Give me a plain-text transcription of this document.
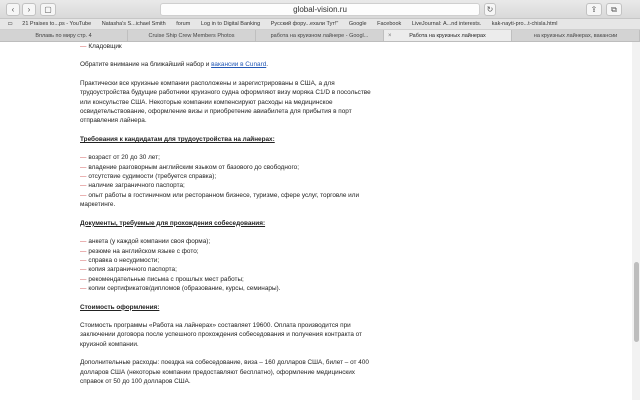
‹	›	▢	global-vision.ru	↻	⇪	⧉
▭ 21 Praises to...ps - YouTube Natasha's S...ichael Smith forum Log in to Digital Banking Русский фору...ехали Тут!" Google Facebook LiveJournal: А...nd interests. kak-nayti-pro...t-chisla.html
Вплавь по миру стр. 4	Cruise Ship Crew Members Photos	работа на круизном лайнере - Googl...	×	Работа на круизных лайнерах	на круизных лайнерах, вакансии
— Кладовщик
Обратите внимание на ближайший набор и вакансии в Cunard.
Практически все круизные компании расположены и зарегистрированы в США, а для трудоустройства будущие работники круизного судна оформляют визу моряка C1/D в посольстве или консульстве США. Некоторые компании компенсируют расходы на медицинское освидетельствование, оформление визы и приобретение авиабилета для прибытия в порт отправления лайнера.
Требования к кандидатам для трудоустройства на лайнерах:
— возраст от 20 до 30 лет;
— владение разговорным английским языком от базового до свободного;
— отсутствие судимости (требуется справка);
— наличие заграничного паспорта;
— опыт работы в гостиничном или ресторанном бизнесе, туризме, сфере услуг, торговле или маркетинге.
Документы, требуемые для прохождения собеседования:
— анкета (у каждой компании своя форма);
— резюме на английском языке с фото;
— справка о несудимости;
— копия заграничного паспорта;
— рекомендательные письма с прошлых мест работы;
— копии сертификатов/дипломов (образование, курсы, семинары).
Стоимость оформления:
Стоимость программы «Работа на лайнерах» составляет 19600. Оплата производится при заключении договора после успешного прохождения собеседования и получения контракта от круизной компании.
Дополнительные расходы: поездка на собеседование, виза – 160 долларов США, билет – от 400 долларов США (некоторые компании предоставляют бесплатно), оформление медицинских справок от 50 до 100 долларов США.
